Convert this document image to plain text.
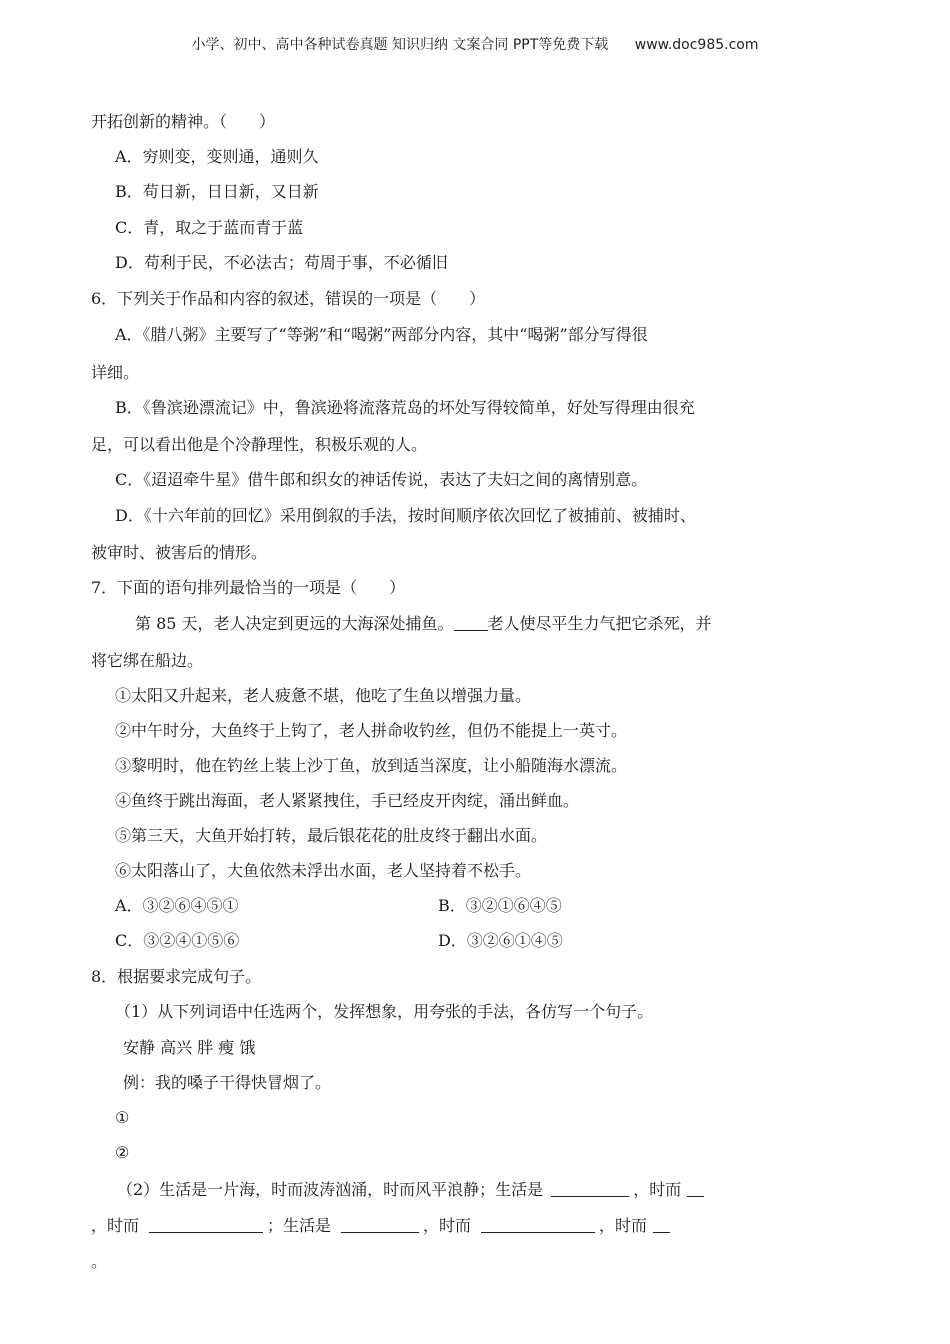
小学、初中、高中各种试卷真题 知识归纳 文案合同 PPT等免费下载 www.doc985.com
开拓创新的精神。（　　）
A．穷则变，变则通，通则久
B．苟日新，日日新，又日新
C．青，取之于蓝而青于蓝
D．苟利于民，不必法古；苟周于事，不必循旧
6．下列关于作品和内容的叙述，错误的一项是（　　）
A．《腊八粥》主要写了“等粥”和“喝粥”两部分内容，其中“喝粥”部分写得很
详细。
B．《鲁滨逊漂流记》中，鲁滨逊将流落荒岛的坏处写得较简单，好处写得理由很充
足，可以看出他是个冷静理性，积极乐观的人。
C．《迢迢牵牛星》借牛郎和织女的神话传说，表达了夫妇之间的离情别意。
D．《十六年前的回忆》采用倒叙的手法，按时间顺序依次回忆了被捕前、被捕时、
被审时、被害后的情形。
7．下面的语句排列最恰当的一项是（　　）
第 85 天，老人决定到更远的大海深处捕鱼。 老人使尽平生力气把它杀死，并
将它绑在船边。
①太阳又升起来，老人疲惫不堪，他吃了生鱼以增强力量。
②中午时分，大鱼终于上钩了，老人拼命收钓丝，但仍不能提上一英寸。
③黎明时，他在钓丝上装上沙丁鱼，放到适当深度，让小船随海水漂流。
④鱼终于跳出海面，老人紧紧拽住，手已经皮开肉绽，涌出鲜血。
⑤第三天，大鱼开始打转，最后银花花的肚皮终于翻出水面。
⑥太阳落山了，大鱼依然未浮出水面，老人坚持着不松手。
A．③②⑥④⑤①	B．③②①⑥④⑤
C．③②④①⑤⑥	D．③②⑥①④⑤
8．根据要求完成句子。
（1）从下列词语中任选两个，发挥想象，用夸张的手法，各仿写一个句子。
安静 高兴 胖 瘦 饿
例：我的嗓子干得快冒烟了。
①
②
（2）生活是一片海，时而波涛汹涌，时而风平浪静；生活是	，时而
，时而	；生活是	，时而	，时而
。
